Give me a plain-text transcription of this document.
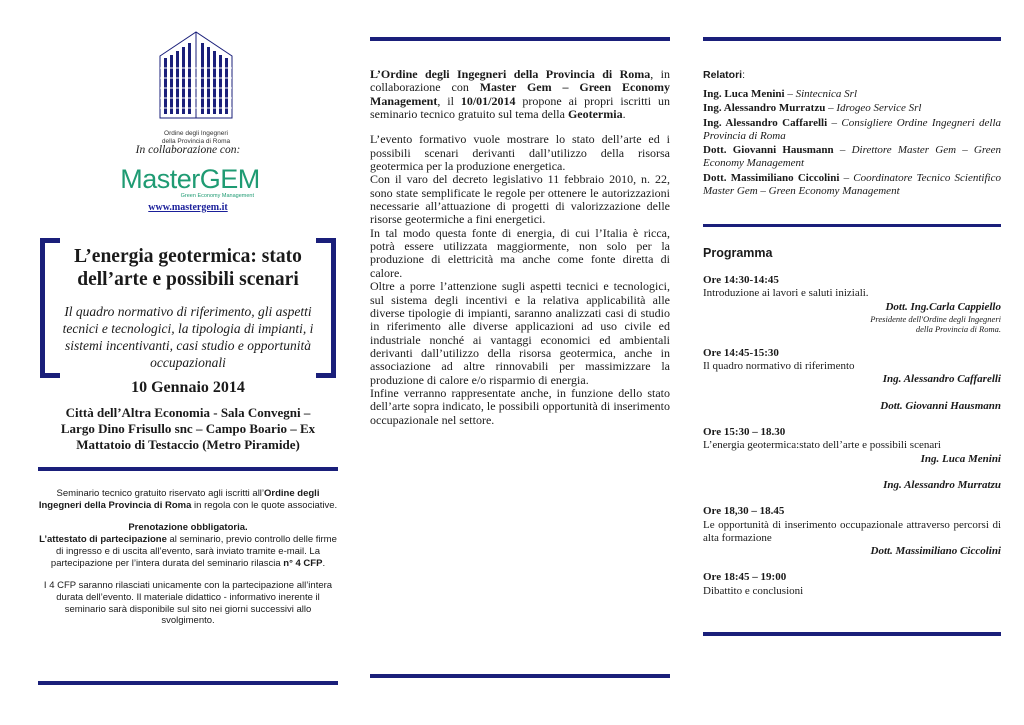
Ordine degli Ingegneri
della Provincia di Roma
In collaborazione con:
MasterGEM
Green Economy Management
www.mastergem.it
L’energia geotermica: stato dell’arte e possibili scenari
Il quadro normativo di riferimento, gli aspetti tecnici e tecnologici, la tipologia di impianti, i sistemi incentivanti, casi studio e opportunità occupazionali
10 Gennaio 2014
Città dell’Altra Economia - Sala Convegni –
Largo Dino Frisullo snc – Campo Boario – Ex Mattatoio di Testaccio (Metro Piramide)

Seminario tecnico gratuito riservato agli iscritti all’Ordine degli Ingegneri della Provincia di Roma in regola con le quote associative.

Prenotazione obbligatoria.
L’attestato di partecipazione al seminario, previo controllo delle firme di ingresso e di uscita all’evento, sarà inviato tramite e-mail. La partecipazione per l’intera durata del seminario rilascia n° 4 CFP.

I 4 CFP saranno rilasciati unicamente con la partecipazione all’intera durata dell’evento. Il materiale didattico - informativo inerente il seminario sarà disponibile sul sito nei giorni successivi allo svolgimento.

L’Ordine degli Ingegneri della Provincia di Roma, in collaborazione con Master Gem – Green Economy Management, il 10/01/2014 propone ai propri iscritti un seminario tecnico gratuito sul tema della Geotermia.

L’evento formativo vuole mostrare lo stato dell’arte ed i possibili scenari derivanti dall’utilizzo della risorsa geotermica per la produzione energetica.

Con il varo del decreto legislativo 11 febbraio 2010, n. 22, sono state semplificate le regole per ottenere le autorizzazioni necessarie all’attuazione di progetti di valorizzazione delle risorse geotermiche a fini energetici.

In tal modo questa fonte di energia, di cui l’Italia è ricca, potrà essere utilizzata maggiormente, non solo per la produzione di elettricità ma anche come fonte diretta di calore.

Oltre a porre l’attenzione sugli aspetti tecnici e tecnologici, sul sistema degli incentivi e la relativa applicabilità alle diverse tipologie di impianti, saranno analizzati casi di studio in riferimento alle diverse applicazioni ad uso civile ed industriale nonché ai vantaggi economici ed ambientali derivanti dall’utilizzo della risorsa geotermica, anche in associazione ad altre rinnovabili per massimizzare la produzione di calore e/o risparmio di energia.

Infine verranno rappresentate anche, in funzione dello stato dell’arte sopra indicato, le possibili opportunità di inserimento occupazionale nel settore.

Relatori:
Ing. Luca Menini – Sintecnica Srl
Ing. Alessandro Murratzu – Idrogeo Service Srl
Ing. Alessandro Caffarelli – Consigliere Ordine Ingegneri della Provincia di Roma
Dott. Giovanni Hausmann – Direttore Master Gem – Green Economy Management
Dott. Massimiliano Ciccolini – Coordinatore Tecnico Scientifico Master Gem – Green Economy Management
Programma
Ore 14:30-14:45
Introduzione ai lavori e saluti iniziali.
Dott. Ing.Carla Cappiello
Presidente dell'Ordine degli Ingegneri
della Provincia di Roma.
Ore 14:45-15:30
Il quadro normativo di riferimento
Ing. Alessandro Caffarelli
Dott. Giovanni Hausmann
Ore 15:30 – 18.30
L’energia geotermica:stato dell’arte e possibili scenari
Ing. Luca Menini
Ing. Alessandro Murratzu
Ore 18,30 – 18.45

Le opportunità di inserimento occupazionale attraverso percorsi di alta formazione

Dott. Massimiliano Ciccolini
Ore 18:45 – 19:00
Dibattito e conclusioni
